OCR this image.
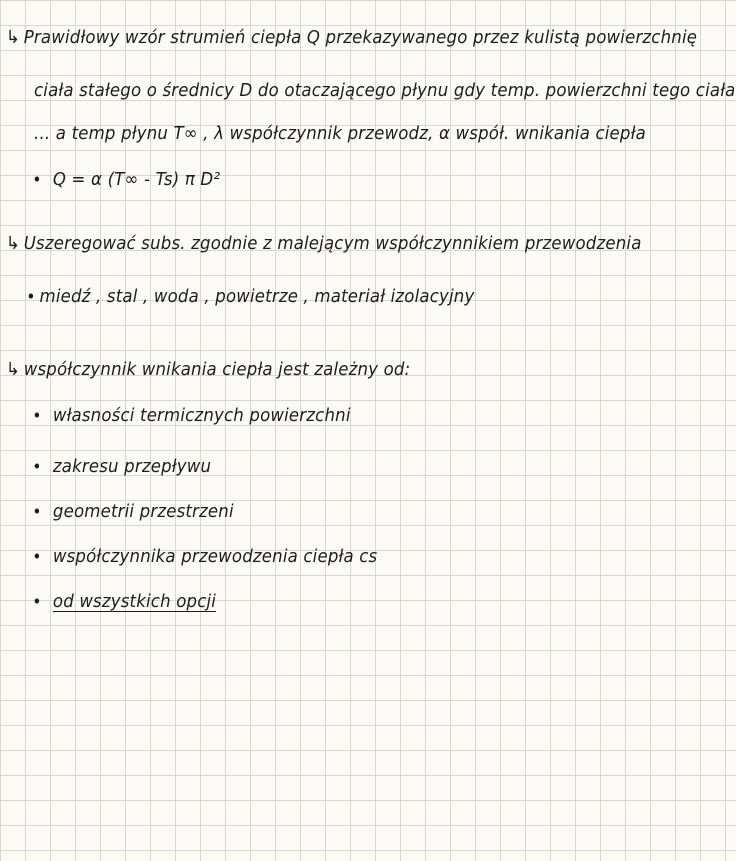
↳ Prawidłowy wzór strumień ciepła Q przekazywanego przez kulistą powierzchnię
ciała stałego o średnicy D do otaczającego płynu gdy temp. powierzchni tego ciała
... a temp płynu T∞ , λ współczynnik przewodz, α współ. wnikania ciepła
• Q = α (T∞ - Ts) π D²
↳ Uszeregować subs. zgodnie z malejącym współczynnikiem przewodzenia
• miedź , stal , woda , powietrze , materiał izolacyjny
↳ współczynnik wnikania ciepła jest zależny od:
• własności termicznych powierzchni
• zakresu przepływu
• geometrii przestrzeni
• współczynnika przewodzenia ciepła cs
• od wszystkich opcji
